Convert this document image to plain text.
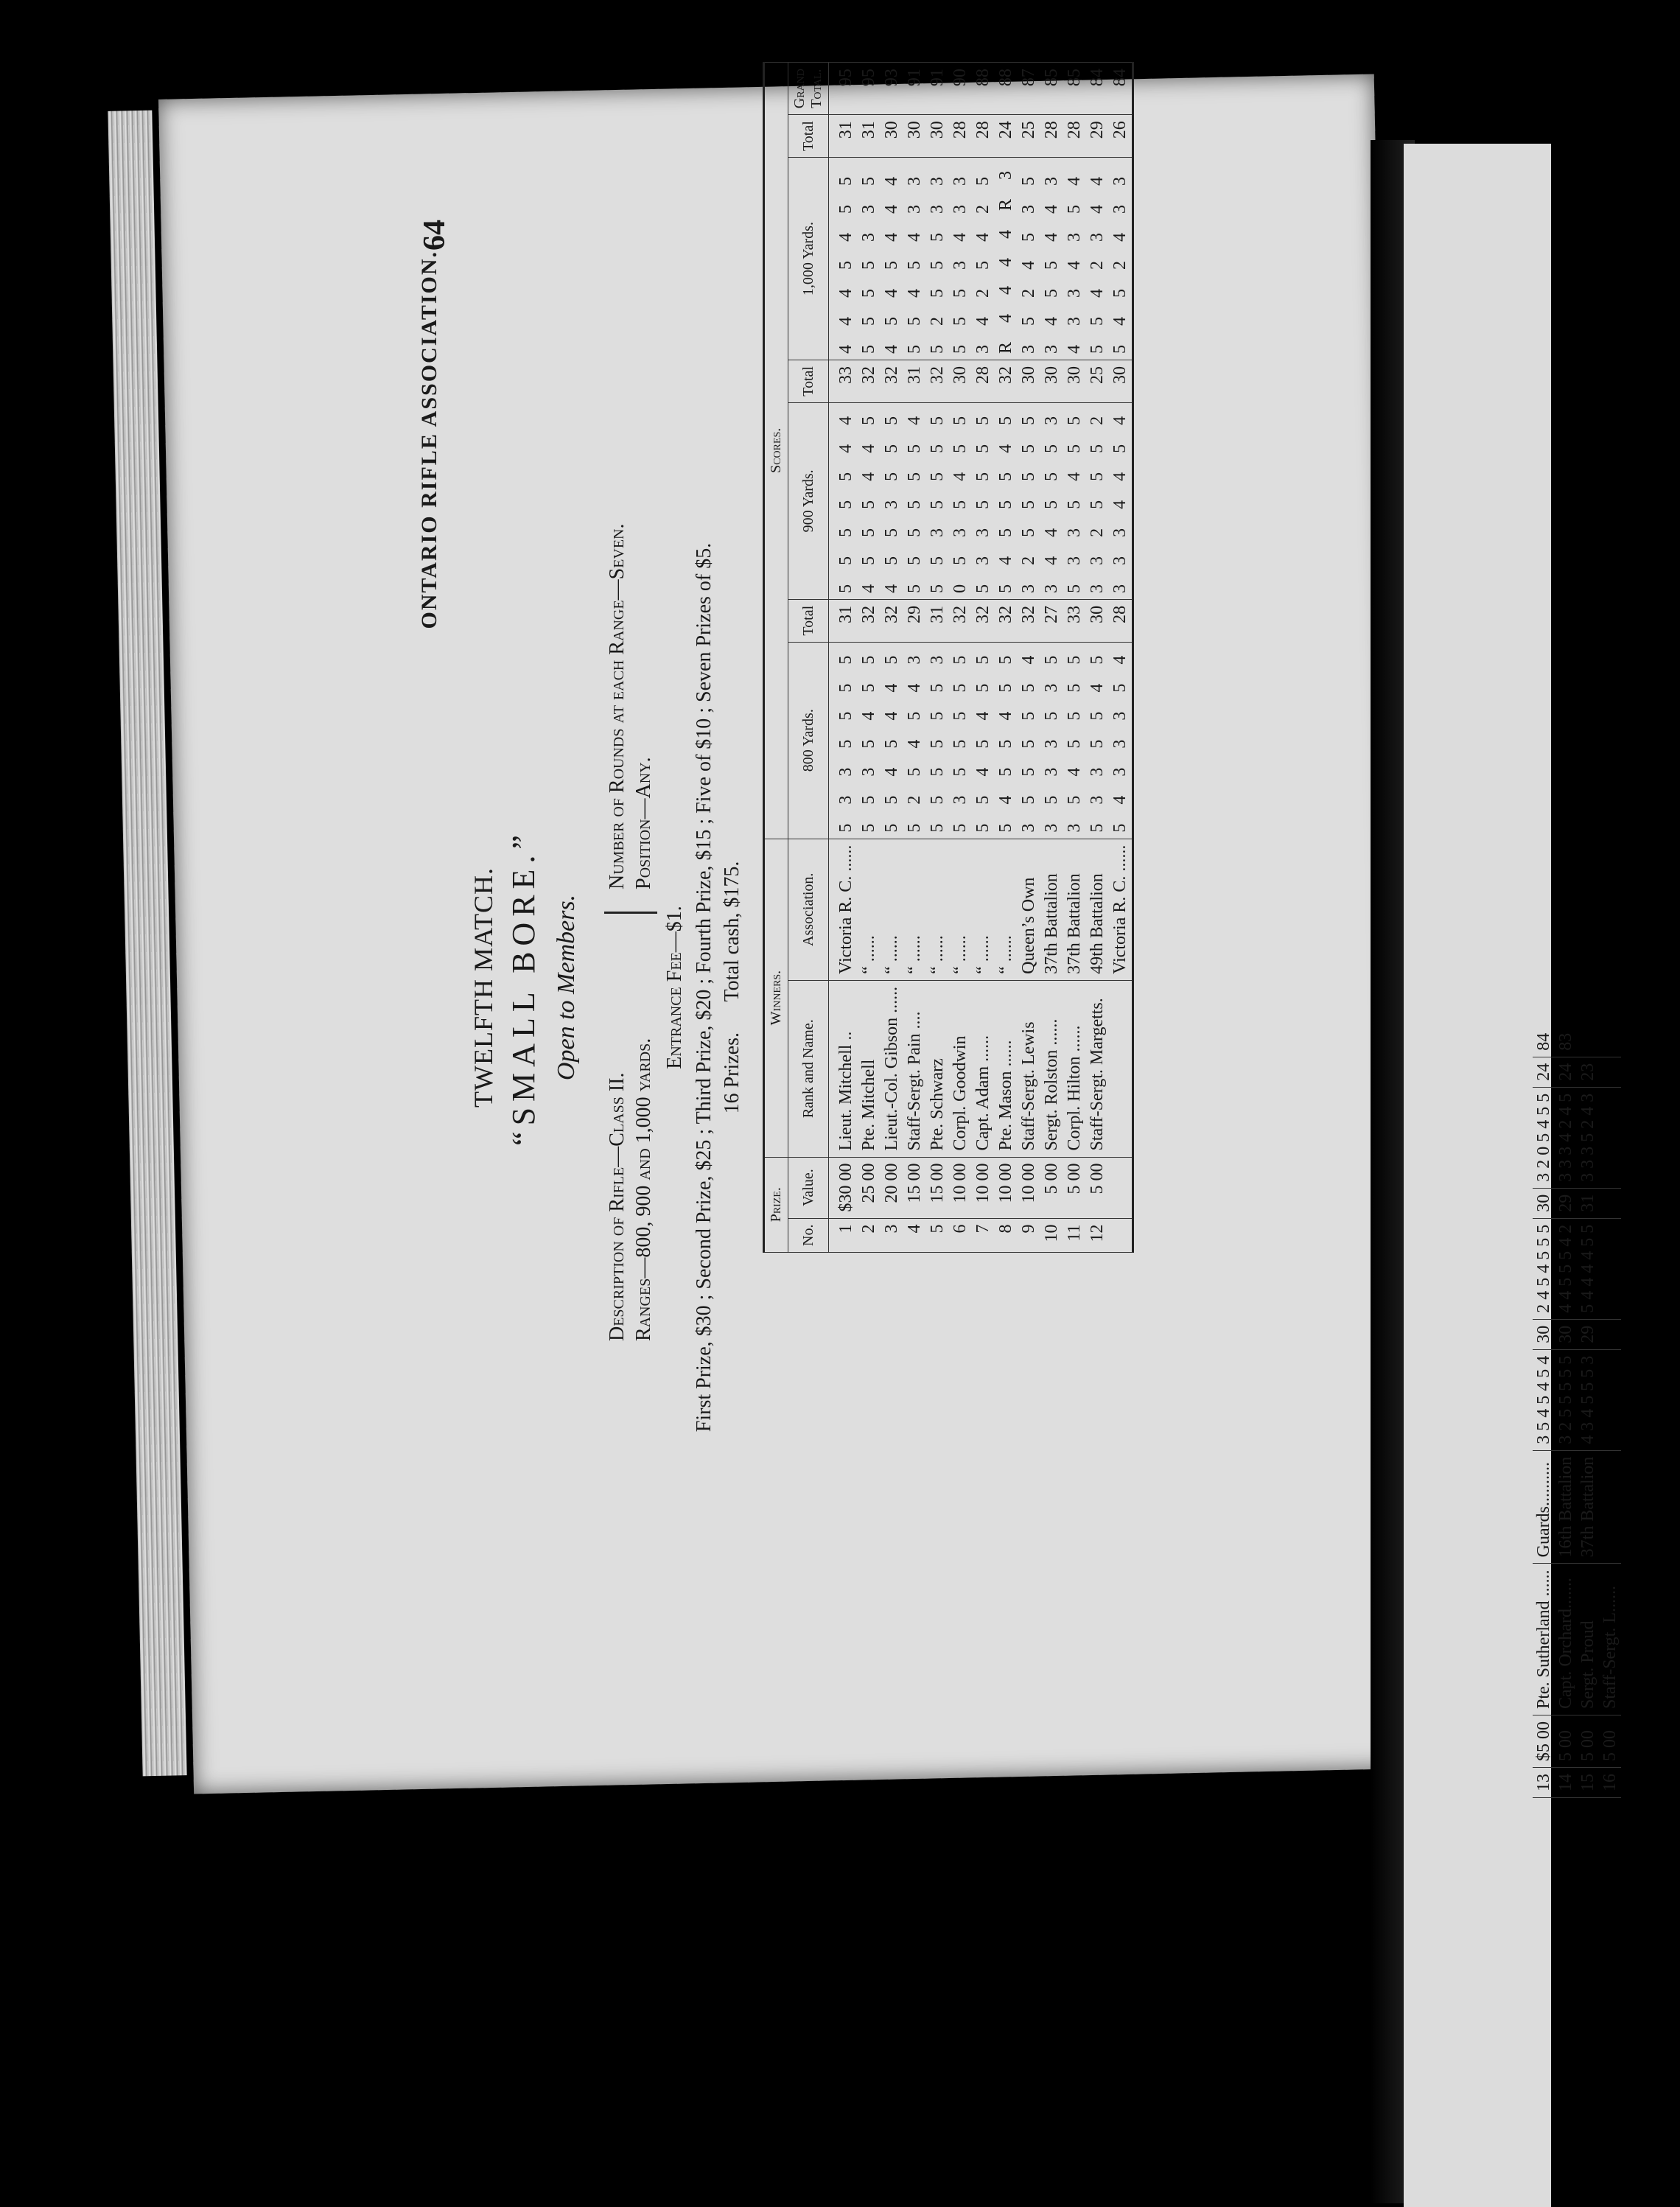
64
ONTARIO RIFLE ASSOCIATION.
TWELFTH MATCH. “SMALL BORE.” Open to Members.
Description of Rifle—Class II. Ranges—800, 900 and 1,000 yards.
Number of Rounds at each Range—Seven. Position—Any.
Entrance Fee—$1. First Prize, $30 ; Second Prize, $25 ; Third Prize, $20 ; Fourth Prize, $15 ; Five of $10 ; Seven Prizes of $5. 16 Prizes.      Total cash, $175.
Prize.		Winners.		Scores.						
No.	Value.	Rank and Name.	Association.	800 Yards.	Total	900 Yards.	Total	1,000 Yards.	Total	Grand Total.
1	$30 00	Lieut. Mitchell ..	Victoria R. C. ......	5 3 3 5 5 5 5	31	5 5 5 5 5 4 4	33	4 4 4 5 4 5 5	31	95
2	25 00	Pte. Mitchell	“ ......	5 5 3 5 4 5 5	32	4 5 5 5 4 4 5	32	5 5 5 5 3 3 5	31	95
3	20 00	Lieut.-Col. Gibson ......	“ ......	5 5 4 5 4 4 5	32	4 5 5 3 5 5 5	32	4 5 4 5 4 4 4	30	93
4	15 00	Staff-Sergt. Pain ....	“ ......	5 2 5 4 5 4 3	29	5 5 5 5 5 5 4	31	5 5 4 5 4 3 3	30	91
5	15 00	Pte. Schwarz	“ ......	5 5 5 5 5 5 3	31	5 5 3 5 5 5 5	32	5 2 5 5 5 3 3	30	91
6	10 00	Corpl. Goodwin	“ ......	5 3 5 5 5 5 5	32	0 5 3 5 4 5 5	30	5 5 5 3 4 3 3	28	90
7	10 00	Capt. Adam ......	“ ......	5 5 4 5 4 5 5	32	5 3 3 5 5 5 5	28	3 4 2 5 4 2 5	28	88
8	10 00	Pte. Mason ......	“ ......	5 4 5 5 4 5 5	32	5 4 5 5 5 4 5	32	R 4 4 4 4 R 3	24	88
9	10 00	Staff-Sergt. Lewis	Queen’s Own	3 5 5 5 5 5 4	32	3 2 5 5 5 5 5	30	3 5 2 4 5 3 5	25	87
10	5 00	Sergt. Rolston ......	37th Battalion	3 5 3 3 5 3 5	27	3 4 4 5 5 5 3	30	3 4 5 5 4 4 3	28	85
11	5 00	Corpl. Hilton ......	37th Battalion	3 5 4 5 5 5 5	33	5 3 3 5 4 5 5	30	4 3 3 4 3 5 4	28	85
12	5 00	Staff-Sergt. Margetts.	49th Battalion	5 3 3 5 5 4 5	30	3 3 2 5 5 5 2	25	5 5 4 2 3 4 4	29	84
			Victoria R. C. ......	5 4 3 3 3 5 4	28	3 3 3 4 4 5 4	30	5 4 5 2 4 3 3	26	84
13	$5 00	Pte. Sutherland ......	Guards..........	3 5 4 5 4 5 4	30	2 4 5 4 5 5 5	30	3 2 0 5 4 5 5	24	84
14	5 00	Capt. Orchard.......	16th Battalion	3 2 5 5 5 5 5	30	4 4 5 5 5 4 2	29	3 3 3 4 2 4 5	24	83
15	5 00	Sergt. Proud	37th Battalion	4 3 4 5 5 5 3	29	5 4 4 4 4 5 5	31	3 3 3 5 2 4 3	23	
16	5 00	Staff-Sergt. L......								
